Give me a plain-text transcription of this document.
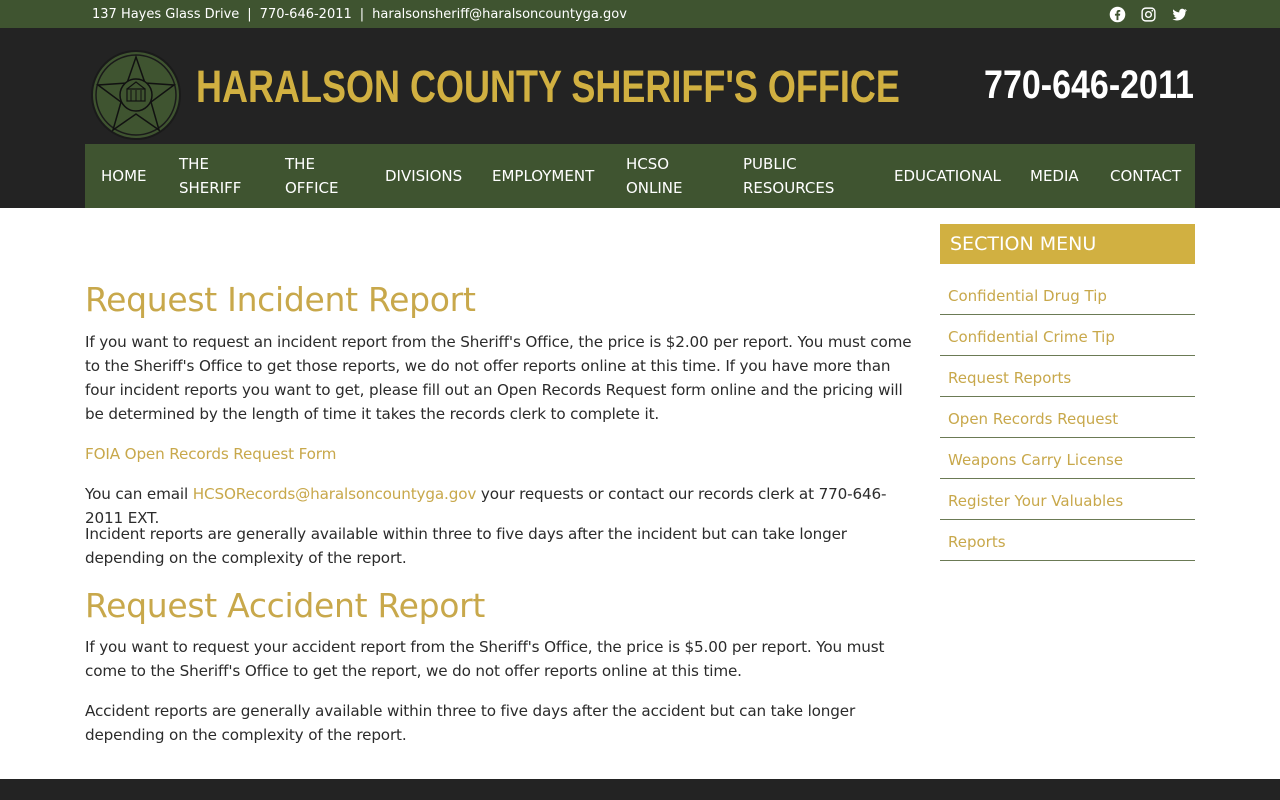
137 Hayes Glass Drive | 770-646-2011 | haralsonsheriff@haralsoncountyga.gov
HARALSON COUNTY SHERIFF'S OFFICE 770-646-2011
HOME
THE SHERIFF
THE OFFICE
DIVISIONS EMPLOYMENT
HCSO ONLINE
PUBLIC RESOURCES
EDUCATIONAL MEDIA CONTACT
Request Incident Report

If you want to request an incident report from the Sheriff's Office, the price is $2.00 per report. You must come to the Sheriff's Office to get those reports, we do not offer reports online at this time. If you have more than four incident reports you want to get, please fill out an Open Records Request form online and the pricing will be determined by the length of time it takes the records clerk to complete it.

FOIA Open Records Request Form

You can email HCSORecords@haralsoncountyga.gov your requests or contact our records clerk at 770-646-2011 EXT.

Incident reports are generally available within three to five days after the incident but can take longer depending on the complexity of the report.

Request Accident Report

If you want to request your accident report from the Sheriff's Office, the price is $5.00 per report. You must come to the Sheriff's Office to get the report, we do not offer reports online at this time.

Accident reports are generally available within three to five days after the accident but can take longer depending on the complexity of the report.

SECTION MENU
Confidential Drug Tip
Confidential Crime Tip
Request Reports
Open Records Request
Weapons Carry License
Register Your Valuables
Reports
